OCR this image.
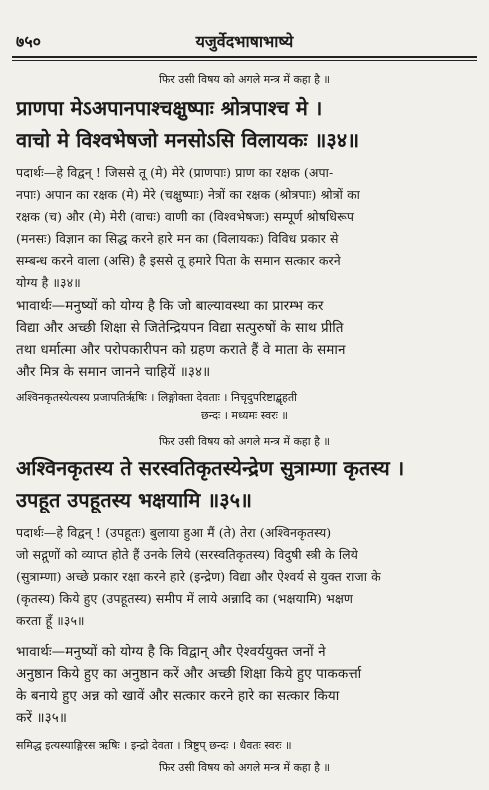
७५०	यजुर्वेदभाषाभाष्ये
फिर उसी विषय को अगले मन्त्र में कहा है ॥
प्राणपा मेऽअपानपाश्चक्षुष्पाः श्रोत्रपाश्च मे ।
वाचो मे विश्वभेषजो मनसोऽसि विलायकः ॥३४॥
पदार्थः—हे विद्वन् ! जिससे तू (मे) मेरे (प्राणपाः) प्राण का रक्षक (अपा-
नपाः) अपान का रक्षक (मे) मेरे (चक्षुष्पाः) नेत्रों का रक्षक (श्रोत्रपाः) श्रोत्रों का
रक्षक (च) और (मे) मेरी (वाचः) वाणी का (विश्वभेषजः) सम्पूर्ण श्रोषधिरूप
(मनसः) विज्ञान का सिद्ध करने हारे मन का (विलायकः) विविध प्रकार से
सम्बन्ध करने वाला (असि) है इससे तू हमारे पिता के समान सत्कार करने
योग्य है ॥३४॥
भावार्थः—मनुष्यों को योग्य है कि जो बाल्यावस्था का प्रारम्भ कर
विद्या और अच्छी शिक्षा से जितेन्द्रियपन विद्या सत्पुरुषों के साथ प्रीति
तथा धर्मात्मा और परोपकारीपन को ग्रहण कराते हैं वे माता के समान
और मित्र के समान जानने चाहियें ॥३४॥
अश्विनकृतस्येत्यस्य प्रजापतिर्ऋषिः । लिङ्गोक्ता देवताः । निचृदुपरिष्टाद्बृहती
छन्दः । मध्यमः स्वरः ॥
फिर उसी विषय को अगले मन्त्र में कहा है ॥
अश्विनकृतस्य ते सरस्वतिकृतस्येन्द्रेण सुत्राम्णा कृतस्य ।
उपहूत उपहूतस्य भक्षयामि ॥३५॥
पदार्थः—हे विद्वन् ! (उपहूतः) बुलाया हुआ मैं (ते) तेरा (अश्विनकृतस्य)
जो सद्गुणों को व्याप्त होते हैं उनके लिये (सरस्वतिकृतस्य) विदुषी स्त्री के लिये
(सुत्राम्णा) अच्छे प्रकार रक्षा करने हारे (इन्द्रेण) विद्या और ऐश्वर्य से युक्त राजा के
(कृतस्य) किये हुए (उपहूतस्य) समीप में लाये अन्नादि का (भक्षयामि) भक्षण
करता हूँ ॥३५॥
भावार्थः—मनुष्यों को योग्य है कि विद्वान् और ऐश्वर्ययुक्त जनों ने
अनुष्ठान किये हुए का अनुष्ठान करें और अच्छी शिक्षा किये हुए पाककर्त्ता
के बनाये हुए अन्न को खावें और सत्कार करने हारे का सत्कार किया
करें ॥३५॥
समिद्ध इत्यस्याङ्गिरस ऋषिः । इन्द्रो देवता । त्रिष्टुप् छन्दः । धैवतः स्वरः ॥
फिर उसी विषय को अगले मन्त्र में कहा है ॥
